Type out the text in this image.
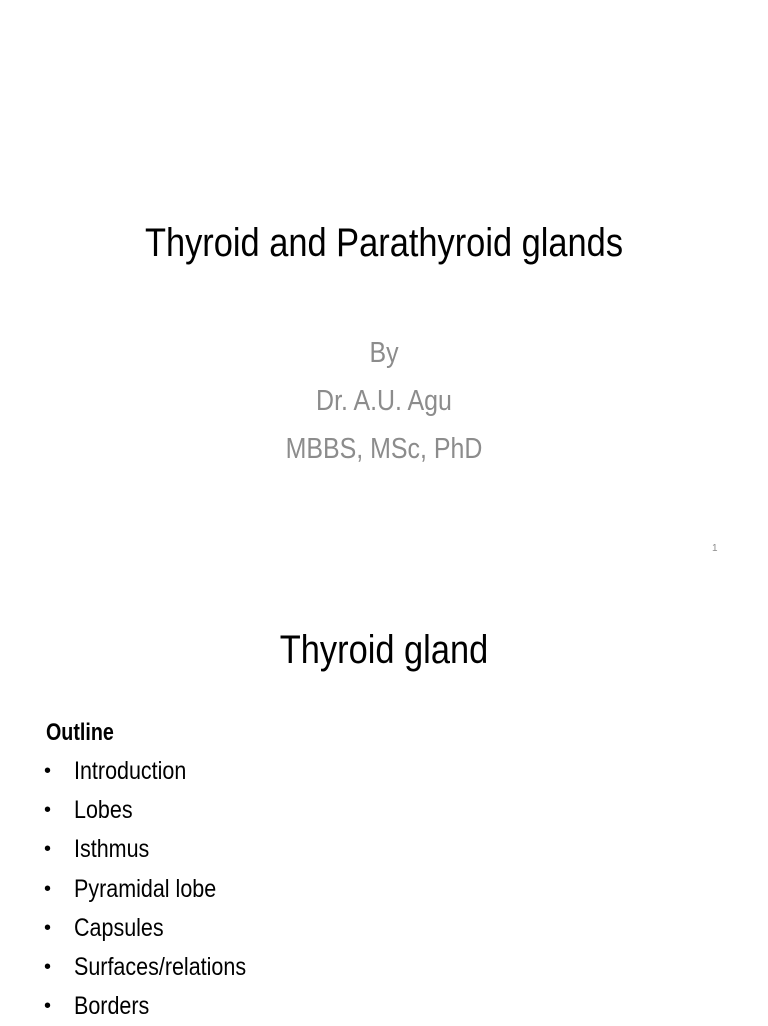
Thyroid and Parathyroid glands
By
Dr. A.U. Agu
MBBS, MSc, PhD
1
Thyroid gland
Outline
• Introduction
• Lobes
• Isthmus
• Pyramidal lobe
• Capsules
• Surfaces/relations
• Borders
